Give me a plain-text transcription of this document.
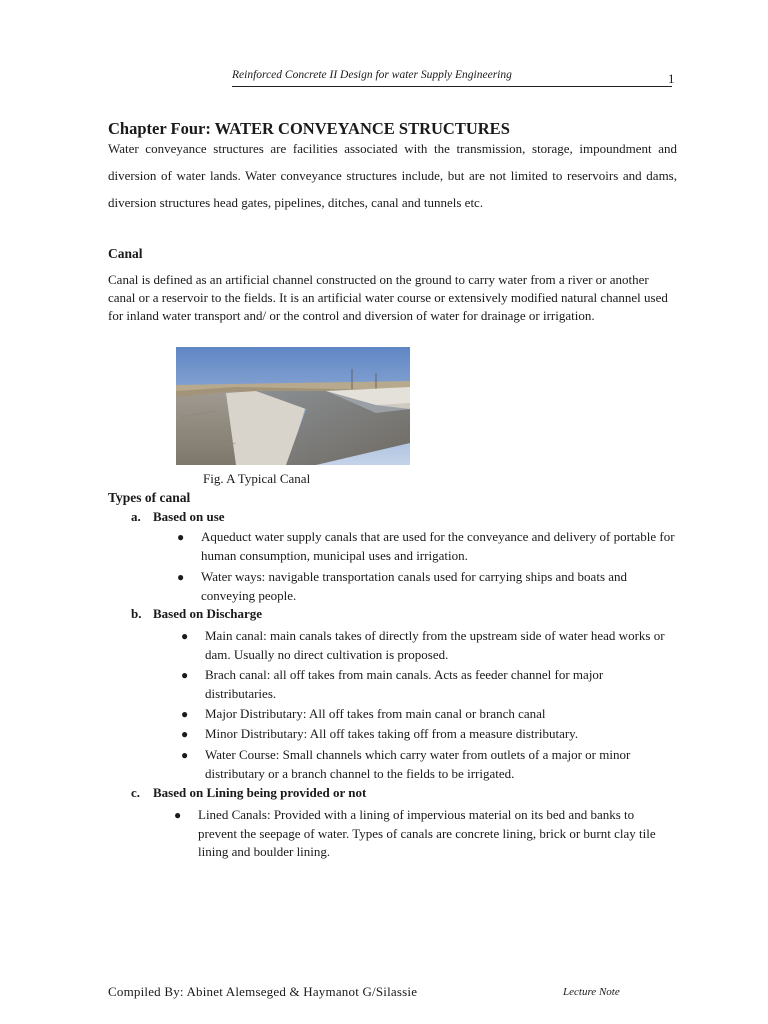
Reinforced Concrete II Design for water Supply Engineering	1
Chapter Four: WATER CONVEYANCE STRUCTURES

Water conveyance structures are facilities associated with the transmission, storage, impoundment and diversion of water lands. Water conveyance structures include, but are not limited to reservoirs and dams, diversion structures head gates, pipelines, ditches, canal and tunnels etc.

Canal

Canal is defined as an artificial channel constructed on the ground to carry water from a river or another canal or a reservoir to the fields. It is an artificial water course or extensively modified natural channel used for inland water transport and/ or the control and diversion of water for drainage or irrigation.

Fig. A Typical Canal
Types of canal
a. Based on use
● Aqueduct water supply canals that are used for the conveyance and delivery of portable for human consumption, municipal uses and irrigation.
● Water ways: navigable transportation canals used for carrying ships and boats and conveying people.
b. Based on Discharge
● Main canal: main canals takes of directly from the upstream side of water head works or dam. Usually no direct cultivation is proposed.
● Brach canal: all off takes from main canals. Acts as feeder channel for major distributaries.
● Major Distributary: All off takes from main canal or branch canal
● Minor Distributary: All off takes taking off from a measure distributary.
● Water Course: Small channels which carry water from outlets of a major or minor distributary or a branch channel to the fields to be irrigated.
c. Based on Lining being provided or not
● Lined Canals: Provided with a lining of impervious material on its bed and banks to prevent the seepage of water. Types of canals are concrete lining, brick or burnt clay tile lining and boulder lining.
Compiled By: Abinet Alemseged & Haymanot G/Silassie	Lecture Note
